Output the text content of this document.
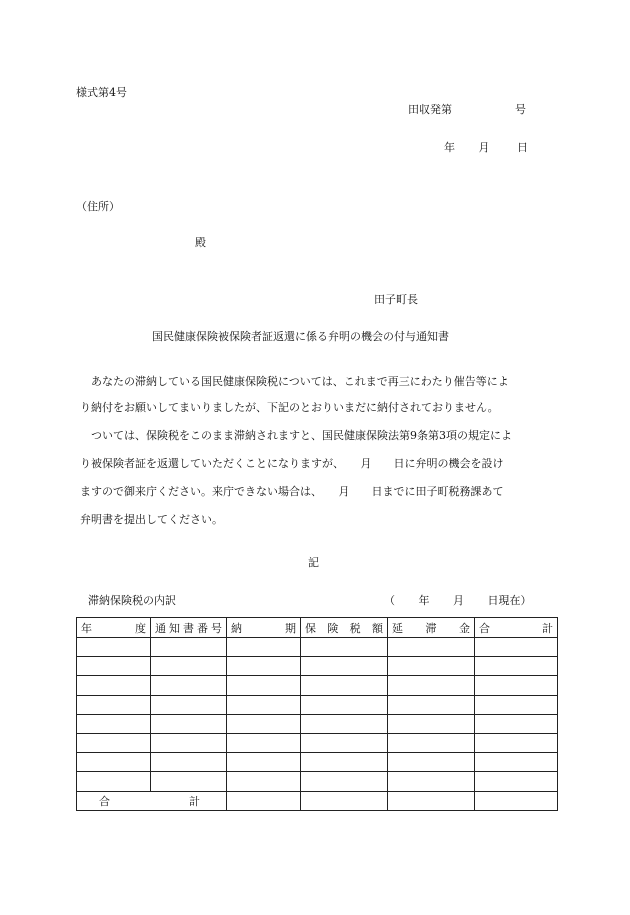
様式第4号
田収発第	号
年 月	日
（住所）
殿
田子町長
国民健康保険被保険者証返還に係る弁明の機会の付与通知書
　あなたの滞納している国民健康保険税については、これまで再三にわたり催告等によ
り納付をお願いしてまいりましたが、下記のとおりいまだに納付されておりません。
　ついては、保険税をこのまま滞納されますと、国民健康保険法第9条第3項の規定によ
り被保険者証を返還していただくことになりますが、　　月　　日に弁明の機会を設け
ますので御来庁ください。来庁できない場合は、　　月　　日までに田子町税務課あて
弁明書を提出してください。
記
滞納保険税の内訳	（ 年 月 日現在）
年 度	通 知 書 番 号	納 期	保 険 税 額	延 滞 金	合 計

合 計					
